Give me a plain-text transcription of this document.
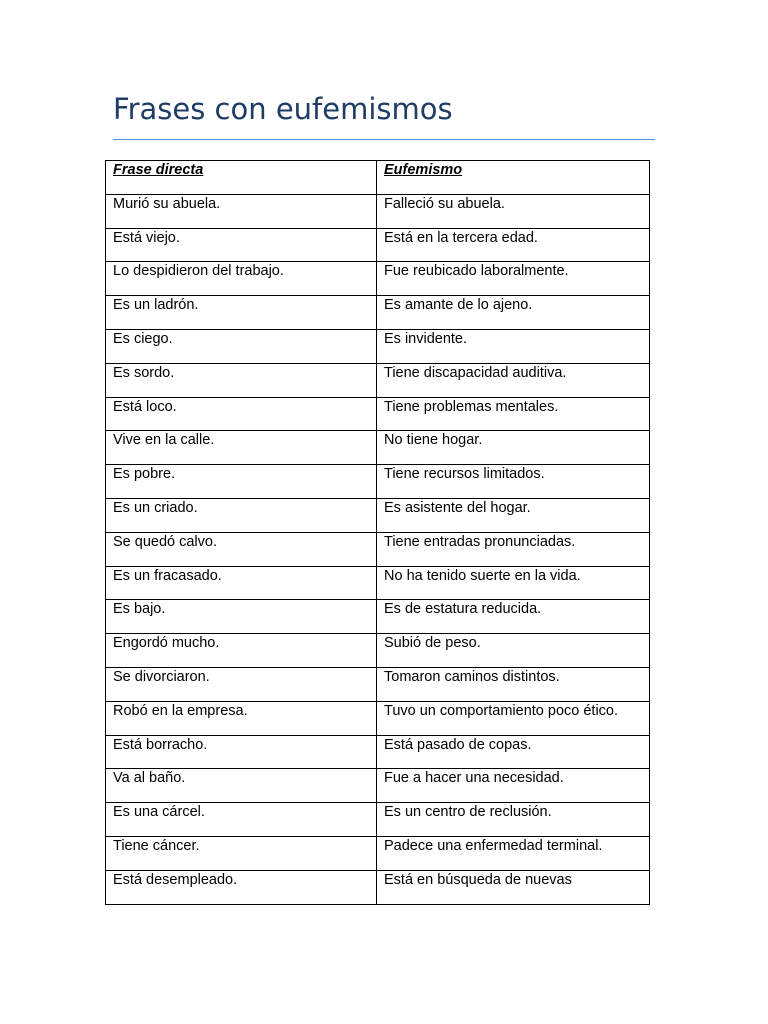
Frases con eufemismos
Frase directa	Eufemismo
Murió su abuela.	Falleció su abuela.
Está viejo.	Está en la tercera edad.
Lo despidieron del trabajo.	Fue reubicado laboralmente.
Es un ladrón.	Es amante de lo ajeno.
Es ciego.	Es invidente.
Es sordo.	Tiene discapacidad auditiva.
Está loco.	Tiene problemas mentales.
Vive en la calle.	No tiene hogar.
Es pobre.	Tiene recursos limitados.
Es un criado.	Es asistente del hogar.
Se quedó calvo.	Tiene entradas pronunciadas.
Es un fracasado.	No ha tenido suerte en la vida.
Es bajo.	Es de estatura reducida.
Engordó mucho.	Subió de peso.
Se divorciaron.	Tomaron caminos distintos.
Robó en la empresa.	Tuvo un comportamiento poco ético.
Está borracho.	Está pasado de copas.
Va al baño.	Fue a hacer una necesidad.
Es una cárcel.	Es un centro de reclusión.
Tiene cáncer.	Padece una enfermedad terminal.
Está desempleado.	Está en búsqueda de nuevas
